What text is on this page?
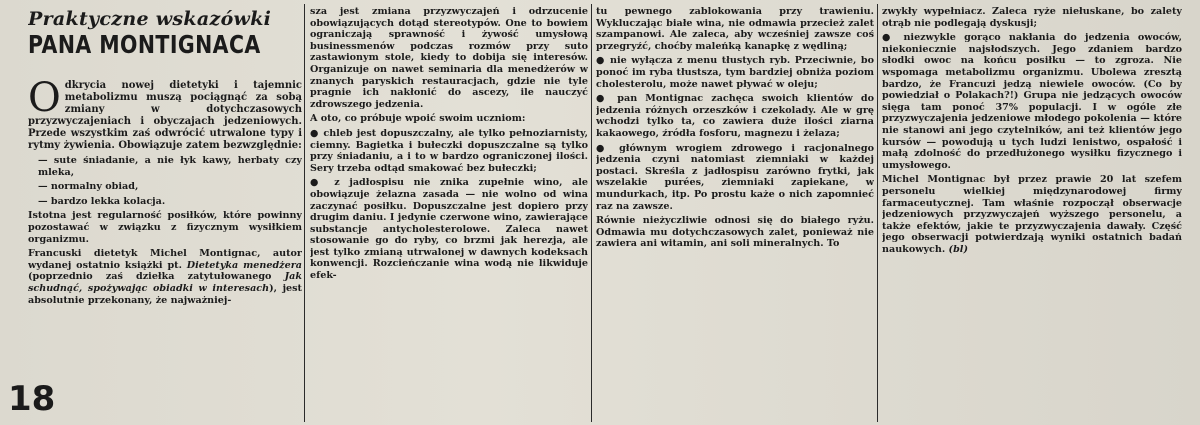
Praktyczne wskazówki
PANA MONTIGNACA

Odkrycia nowej dietetyki i tajemnic metabolizmu muszą pociągnąć za sobą zmiany w dotychczasowych przyzwyczajeniach i obyczajach jedzeniowych. Przede wszystkim zaś odwrócić utrwalone typy i rytmy żywienia. Obowiązuje zatem bezwzględnie:

— sute śniadanie, a nie łyk kawy, herbaty czy mleka,

— normalny obiad,

— bardzo lekka kolacja.

Istotna jest regularność posiłków, które powinny pozostawać w związku z fizycznym wysiłkiem organizmu.

Francuski dietetyk Michel Montignac, autor wydanej ostatnio książki pt. Dietetyka menedżera (poprzednio zaś dziełka zatytułowanego Jak schudnąć, spożywając obiadki w interesach), jest absolutnie przekonany, że najważniej-

sza jest zmiana przyzwyczajeń i odrzucenie obowiązujących dotąd stereotypów. One to bowiem ograniczają sprawność i żywość umysłową businessmenów podczas rozmów przy suto zastawionym stole, kiedy to dobija się interesów. Organizuje on nawet seminaria dla menedżerów w znanych paryskich restauracjach, gdzie nie tyle pragnie ich nakłonić do ascezy, ile nauczyć zdrowszego jedzenia.

A oto, co próbuje wpoić swoim uczniom:

● chleb jest dopuszczalny, ale tylko pełnoziarnisty, ciemny. Bagietka i bułeczki dopuszczalne są tylko przy śniadaniu, a i to w bardzo ograniczonej ilości. Sery trzeba odtąd smakować bez bułeczki;

● z jadłospisu nie znika zupełnie wino, ale obowiązuje żelazna zasada — nie wolno od wina zaczynać posiłku. Dopuszczalne jest dopiero przy drugim daniu. I jedynie czerwone wino, zawierające substancje antycholesterolowe. Zaleca nawet stosowanie go do ryby, co brzmi jak herezja, ale jest tylko zmianą utrwalonej w dawnych kodeksach konwencji. Rozcieńczanie wina wodą nie likwiduje efek-

tu pewnego zablokowania przy trawieniu. Wykluczając białe wina, nie odmawia przecież zalet szampanowi. Ale zaleca, aby wcześniej zawsze coś przegryźć, choćby maleńką kanapkę z wędliną;

● nie wyłącza z menu tłustych ryb. Przeciwnie, bo ponoć im ryba tłustsza, tym bardziej obniża poziom cholesterolu, może nawet pływać w oleju;

● pan Montignac zachęca swoich klientów do jedzenia różnych orzeszków i czekolady. Ale w grę wchodzi tylko ta, co zawiera duże ilości ziarna kakaowego, źródła fosforu, magnezu i żelaza;

● głównym wrogiem zdrowego i racjonalnego jedzenia czyni natomiast ziemniaki w każdej postaci. Skreśla z jadłospisu zarówno frytki, jak wszelakie purées, ziemniaki zapiekane, w mundurkach, itp. Po prostu każe o nich zapomnieć raz na zawsze.

Równie nieżyczliwie odnosi się do białego ryżu. Odmawia mu dotychczasowych zalet, ponieważ nie zawiera ani witamin, ani soli mineralnych. To

zwykły wypełniacz. Zaleca ryże niełuskane, bo zalety otrąb nie podlegają dyskusji;

● niezwykle gorąco nakłania do jedzenia owoców, niekoniecznie najsłodszych. Jego zdaniem bardzo słodki owoc na końcu posiłku — to zgroza. Nie wspomaga metabolizmu organizmu. Ubolewa zresztą bardzo, że Francuzi jedzą niewiele owoców. (Co by powiedział o Polakach?!) Grupa nie jedzących owoców sięga tam ponoć 37% populacji. I w ogóle złe przyzwyczajenia jedzeniowe młodego pokolenia — które nie stanowi ani jego czytelników, ani też klientów jego kursów — powodują u tych ludzi lenistwo, ospałość i małą zdolność do przedłużonego wysiłku fizycznego i umysłowego.

Michel Montignac był przez prawie 20 lat szefem personelu wielkiej międzynarodowej firmy farmaceutycznej. Tam właśnie rozpoczął obserwacje jedzeniowych przyzwyczajeń wyższego personelu, a także efektów, jakie te przyzwyczajenia dawały. Część jego obserwacji potwierdzają wyniki ostatnich badań naukowych. (bl)

18
